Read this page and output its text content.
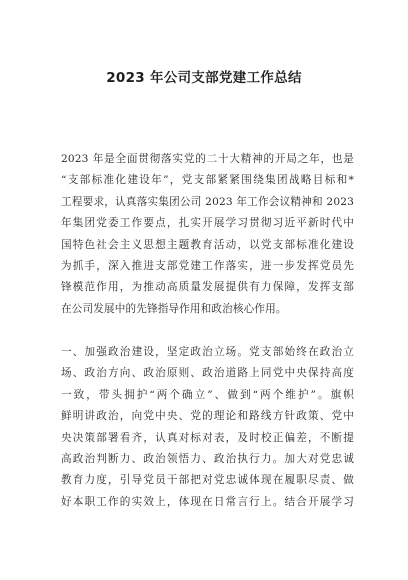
2023 年公司支部党建工作总结
2023 年是全面贯彻落实党的二十大精神的开局之年，也是
“支部标准化建设年”，党支部紧紧围绕集团战略目标和*
工程要求，认真落实集团公司 2023 年工作会议精神和 2023
年集团党委工作要点，扎实开展学习贯彻习近平新时代中
国特色社会主义思想主题教育活动，以党支部标准化建设
为抓手，深入推进支部党建工作落实，进一步发挥党员先
锋模范作用，为推动高质量发展提供有力保障，发挥支部
在公司发展中的先锋指导作用和政治核心作用。
一、加强政治建设，坚定政治立场。党支部始终在政治立
场、政治方向、政治原则、政治道路上同党中央保持高度
一致，带头拥护“两个确立”、做到“两个维护”。旗帜
鲜明讲政治，向党中央、党的理论和路线方针政策、党中
央决策部署看齐，认真对标对表，及时校正偏差，不断提
高政治判断力、政治领悟力、政治执行力。加大对党忠诚
教育力度，引导党员干部把对党忠诚体现在履职尽责、做
好本职工作的实效上，体现在日常言行上。结合开展学习
